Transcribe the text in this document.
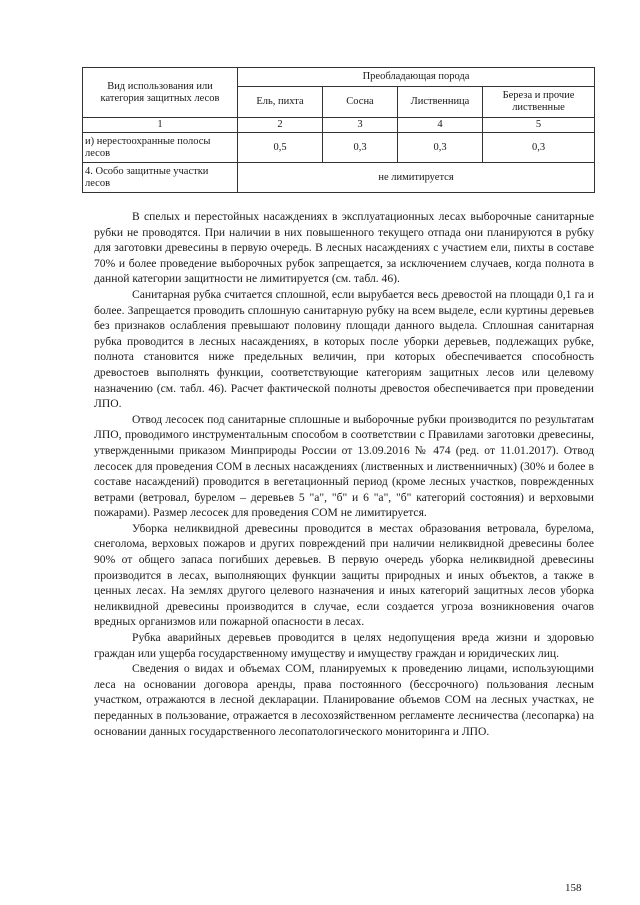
Вид использования или категория защитных лесов	Преобладающая порода			
	Ель, пихта	Сосна	Лиственница	Береза и прочие лиственные
1	2	3	4	5
и) нерестоохранные полосы лесов	0,5	0,3	0,3	0,3
4. Особо защитные участки лесов	не лимитируется			

В спелых и перестойных насаждениях в эксплуатационных лесах выборочные санитарные рубки не проводятся. При наличии в них повышенного текущего отпада они планируются в рубку для заготовки древесины в первую очередь. В лесных насаждениях с участием ели, пихты в составе 70% и более проведение выборочных рубок запрещается, за исключением случаев, когда полнота в данной категории защитности не лимитируется (см. табл. 46).

Санитарная рубка считается сплошной, если вырубается весь древостой на площади 0,1 га и более. Запрещается проводить сплошную санитарную рубку на всем выделе, если куртины деревьев без признаков ослабления превышают половину площади данного выдела. Сплошная санитарная рубка проводится в лесных насаждениях, в которых после уборки деревьев, подлежащих рубке, полнота становится ниже предельных величин, при которых обеспечивается способность древостоев выполнять функции, соответствующие категориям защитных лесов или целевому назначению (см. табл. 46). Расчет фактической полноты древостоя обеспечивается при проведении ЛПО.

Отвод лесосек под санитарные сплошные и выборочные рубки производится по результатам ЛПО, проводимого инструментальным способом в соответствии с Правилами заготовки древесины, утвержденными приказом Минприроды России от 13.09.2016 № 474 (ред. от 11.01.2017). Отвод лесосек для проведения СОМ в лесных насаждениях (лиственных и лиственничных) (30% и более в составе насаждений) проводится в вегетационный период (кроме лесных участков, поврежденных ветрами (ветровал, бурелом – деревьев 5 "а", "б" и 6 "а", "б" категорий состояния) и верховыми пожарами). Размер лесосек для проведения СОМ не лимитируется.

Уборка неликвидной древесины проводится в местах образования ветровала, бурелома, снеголома, верховых пожаров и других повреждений при наличии неликвидной древесины более 90% от общего запаса погибших деревьев. В первую очередь уборка неликвидной древесины производится в лесах, выполняющих функции защиты природных и иных объектов, а также в ценных лесах. На землях другого целевого назначения и иных категорий защитных лесов уборка неликвидной древесины производится в случае, если создается угроза возникновения очагов вредных организмов или пожарной опасности в лесах.

Рубка аварийных деревьев проводится в целях недопущения вреда жизни и здоровью граждан или ущерба государственному имуществу и имуществу граждан и юридических лиц.

Сведения о видах и объемах СОМ, планируемых к проведению лицами, использующими леса на основании договора аренды, права постоянного (бессрочного) пользования лесным участком, отражаются в лесной декларации. Планирование объемов СОМ на лесных участках, не переданных в пользование, отражается в лесохозяйственном регламенте лесничества (лесопарка) на основании данных государственного лесопатологического мониторинга и ЛПО.

158
